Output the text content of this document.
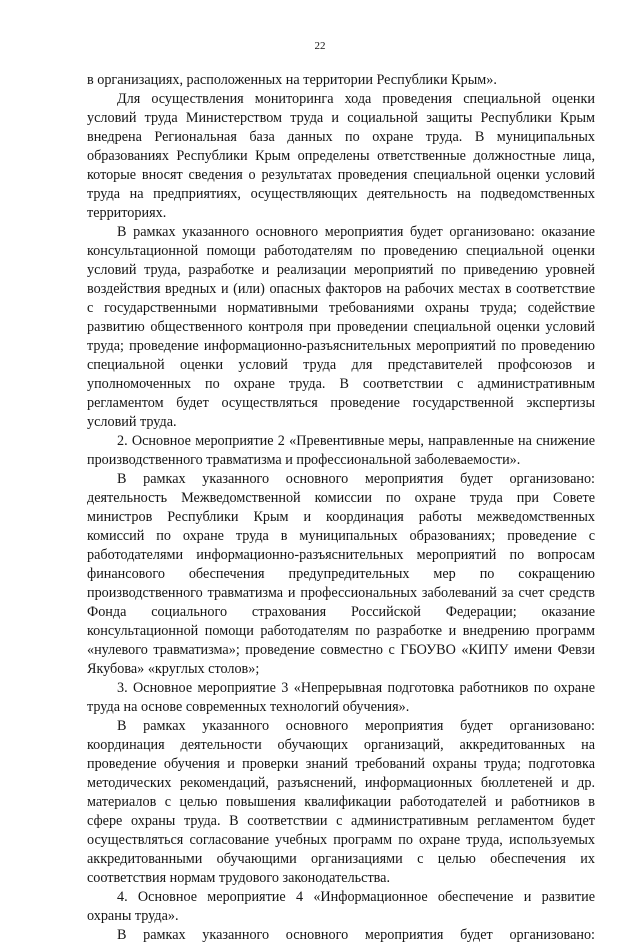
22
в организациях, расположенных на территории Республики Крым».
Для осуществления мониторинга хода проведения специальной оценки
условий труда Министерством труда и социальной защиты Республики Крым
внедрена Региональная база данных по охране труда. В муниципальных
образованиях Республики Крым определены ответственные должностные лица,
которые вносят сведения о результатах проведения специальной оценки условий
труда на предприятиях, осуществляющих деятельность на подведомственных
территориях.
В рамках указанного основного мероприятия будет организовано: оказание
консультационной помощи работодателям по проведению специальной оценки
условий труда, разработке и реализации мероприятий по приведению уровней
воздействия вредных и (или) опасных факторов на рабочих местах в соответствие
с государственными нормативными требованиями охраны труда; содействие
развитию общественного контроля при проведении специальной оценки условий
труда; проведение информационно-разъяснительных мероприятий по проведению
специальной оценки условий труда для представителей профсоюзов и
уполномоченных по охране труда. В соответствии с административным
регламентом будет осуществляться проведение государственной экспертизы
условий труда.
2. Основное мероприятие 2 «Превентивные меры, направленные на снижение
производственного травматизма и профессиональной заболеваемости».
В рамках указанного основного мероприятия будет организовано:
деятельность Межведомственной комиссии по охране труда при Совете
министров Республики Крым и координация работы межведомственных
комиссий по охране труда в муниципальных образованиях; проведение с
работодателями информационно-разъяснительных мероприятий по вопросам
финансового обеспечения предупредительных мер по сокращению
производственного травматизма и профессиональных заболеваний за счет средств
Фонда социального страхования Российской Федерации; оказание
консультационной помощи работодателям по разработке и внедрению программ
«нулевого травматизма»; проведение совместно с ГБОУВО «КИПУ имени Февзи
Якубова» «круглых столов»;
3. Основное мероприятие 3 «Непрерывная подготовка работников по охране
труда на основе современных технологий обучения».
В рамках указанного основного мероприятия будет организовано:
координация деятельности обучающих организаций, аккредитованных на
проведение обучения и проверки знаний требований охраны труда; подготовка
методических рекомендаций, разъяснений, информационных бюллетеней и др.
материалов с целью повышения квалификации работодателей и работников в
сфере охраны труда. В соответствии с административным регламентом будет
осуществляться согласование учебных программ по охране труда, используемых
аккредитованными обучающими организациями с целью обеспечения их
соответствия нормам трудового законодательства.
4. Основное мероприятие 4 «Информационное обеспечение и развитие
охраны труда».
В рамках указанного основного мероприятия будет организовано:
